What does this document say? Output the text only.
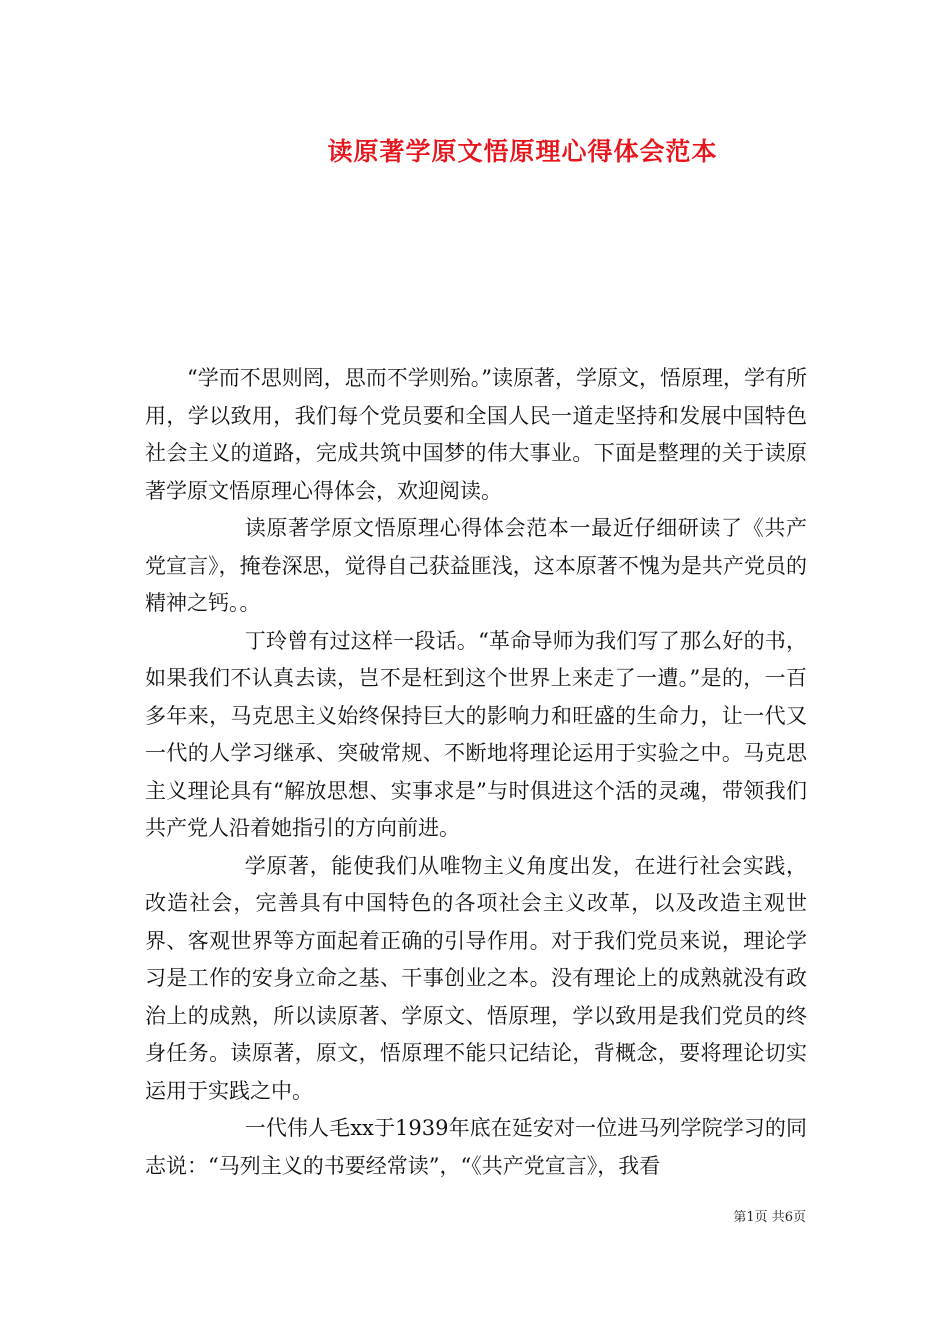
读原著学原文悟原理心得体会范本

“学而不思则罔，思而不学则殆。”读原著，学原文，悟原理，学有所用，学以致用，我们每个党员要和全国人民一道走坚持和发展中国特色社会主义的道路，完成共筑中国梦的伟大事业。下面是整理的关于读原著学原文悟原理心得体会，欢迎阅读。

读原著学原文悟原理心得体会范本一最近仔细研读了《共产党宣言》，掩卷深思，觉得自己获益匪浅，这本原著不愧为是共产党员的精神之钙。。

丁玲曾有过这样一段话。“革命导师为我们写了那么好的书，如果我们不认真去读，岂不是枉到这个世界上来走了一遭。”是的，一百多年来，马克思主义始终保持巨大的影响力和旺盛的生命力，让一代又一代的人学习继承、突破常规、不断地将理论运用于实验之中。马克思主义理论具有“解放思想、实事求是”与时俱进这个活的灵魂，带领我们共产党人沿着她指引的方向前进。

学原著，能使我们从唯物主义角度出发，在进行社会实践，改造社会，完善具有中国特色的各项社会主义改革，以及改造主观世界、客观世界等方面起着正确的引导作用。对于我们党员来说，理论学习是工作的安身立命之基、干事创业之本。没有理论上的成熟就没有政治上的成熟，所以读原著、学原文、悟原理，学以致用是我们党员的终身任务。读原著，原文，悟原理不能只记结论，背概念，要将理论切实运用于实践之中。

一代伟人毛xx于1939年底在延安对一位进马列学院学习的同志说：“马列主义的书要经常读”，“《共产党宣言》，我看

第1页 共6页
